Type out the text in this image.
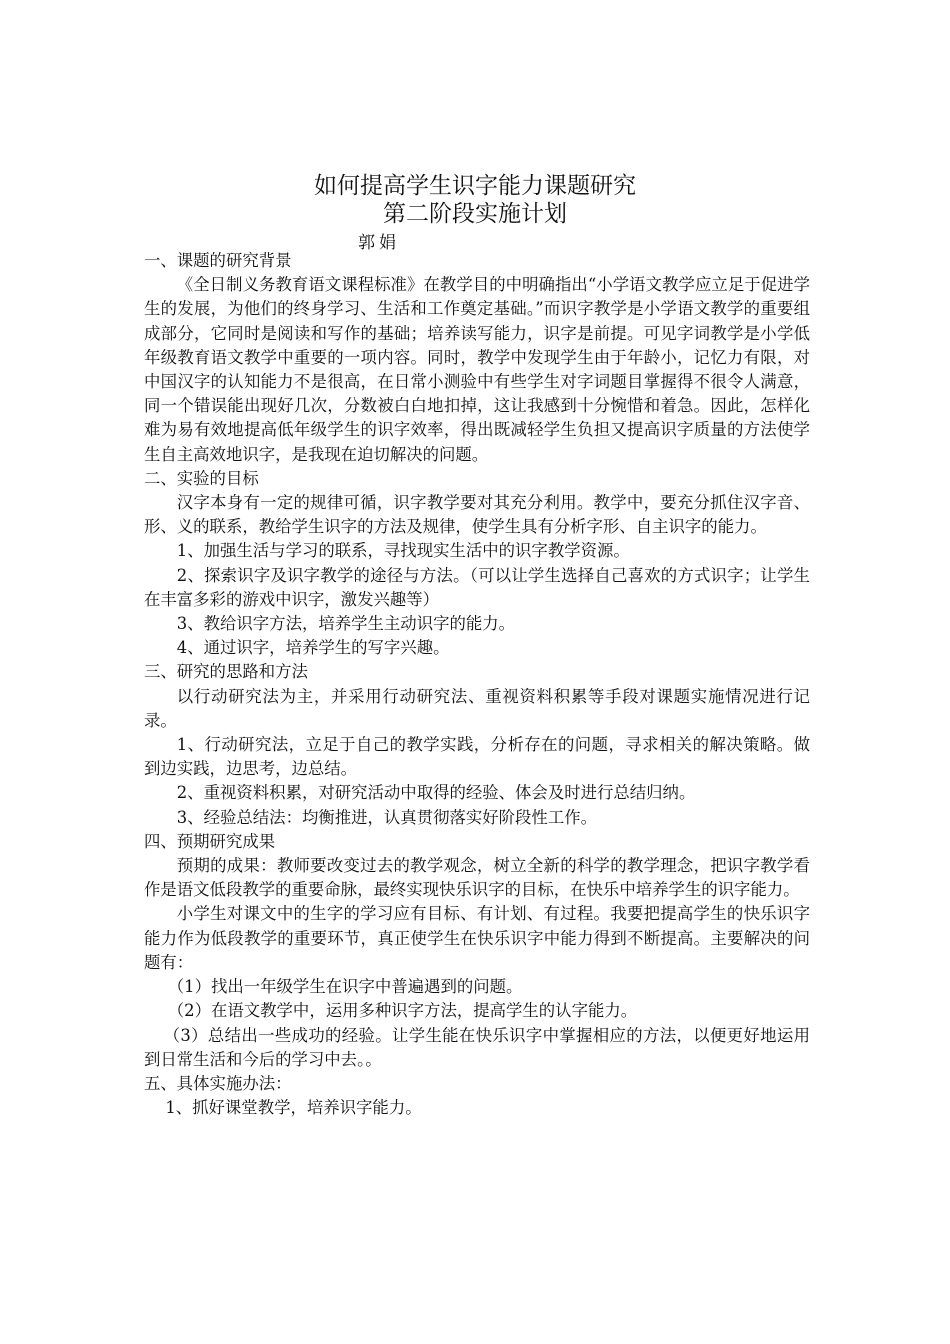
如何提高学生识字能力课题研究
第二阶段实施计划
郭娟

一、课题的研究背景

《全日制义务教育语文课程标准》在教学目的中明确指出“小学语文教学应立足于促进学生的发展，为他们的终身学习、生活和工作奠定基础。”而识字教学是小学语文教学的重要组成部分，它同时是阅读和写作的基础；培养读写能力，识字是前提。可见字词教学是小学低年级教育语文教学中重要的一项内容。同时，教学中发现学生由于年龄小，记忆力有限，对中国汉字的认知能力不是很高，在日常小测验中有些学生对字词题目掌握得不很令人满意，同一个错误能出现好几次，分数被白白地扣掉，这让我感到十分惋惜和着急。因此，怎样化难为易有效地提高低年级学生的识字效率，得出既减轻学生负担又提高识字质量的方法使学生自主高效地识字，是我现在迫切解决的问题。

二、实验的目标

汉字本身有一定的规律可循，识字教学要对其充分利用。教学中，要充分抓住汉字音、形、义的联系，教给学生识字的方法及规律，使学生具有分析字形、自主识字的能力。

1、加强生活与学习的联系，寻找现实生活中的识字教学资源。

2、探索识字及识字教学的途径与方法。（可以让学生选择自己喜欢的方式识字；让学生在丰富多彩的游戏中识字，激发兴趣等）

3、教给识字方法，培养学生主动识字的能力。

4、通过识字，培养学生的写字兴趣。

三、研究的思路和方法

以行动研究法为主，并采用行动研究法、重视资料积累等手段对课题实施情况进行记录。

1、行动研究法，立足于自己的教学实践，分析存在的问题，寻求相关的解决策略。做到边实践，边思考，边总结。

2、重视资料积累，对研究活动中取得的经验、体会及时进行总结归纳。

3、经验总结法：均衡推进，认真贯彻落实好阶段性工作。

四、预期研究成果

预期的成果：教师要改变过去的教学观念，树立全新的科学的教学理念，把识字教学看作是语文低段教学的重要命脉，最终实现快乐识字的目标，在快乐中培养学生的识字能力。

小学生对课文中的生字的学习应有目标、有计划、有过程。我要把提高学生的快乐识字能力作为低段教学的重要环节，真正使学生在快乐识字中能力得到不断提高。主要解决的问题有：

（1）找出一年级学生在识字中普遍遇到的问题。

（2）在语文教学中，运用多种识字方法，提高学生的认字能力。

（3）总结出一些成功的经验。让学生能在快乐识字中掌握相应的方法，以便更好地运用到日常生活和今后的学习中去。。

五、具体实施办法：

1、抓好课堂教学，培养识字能力。
